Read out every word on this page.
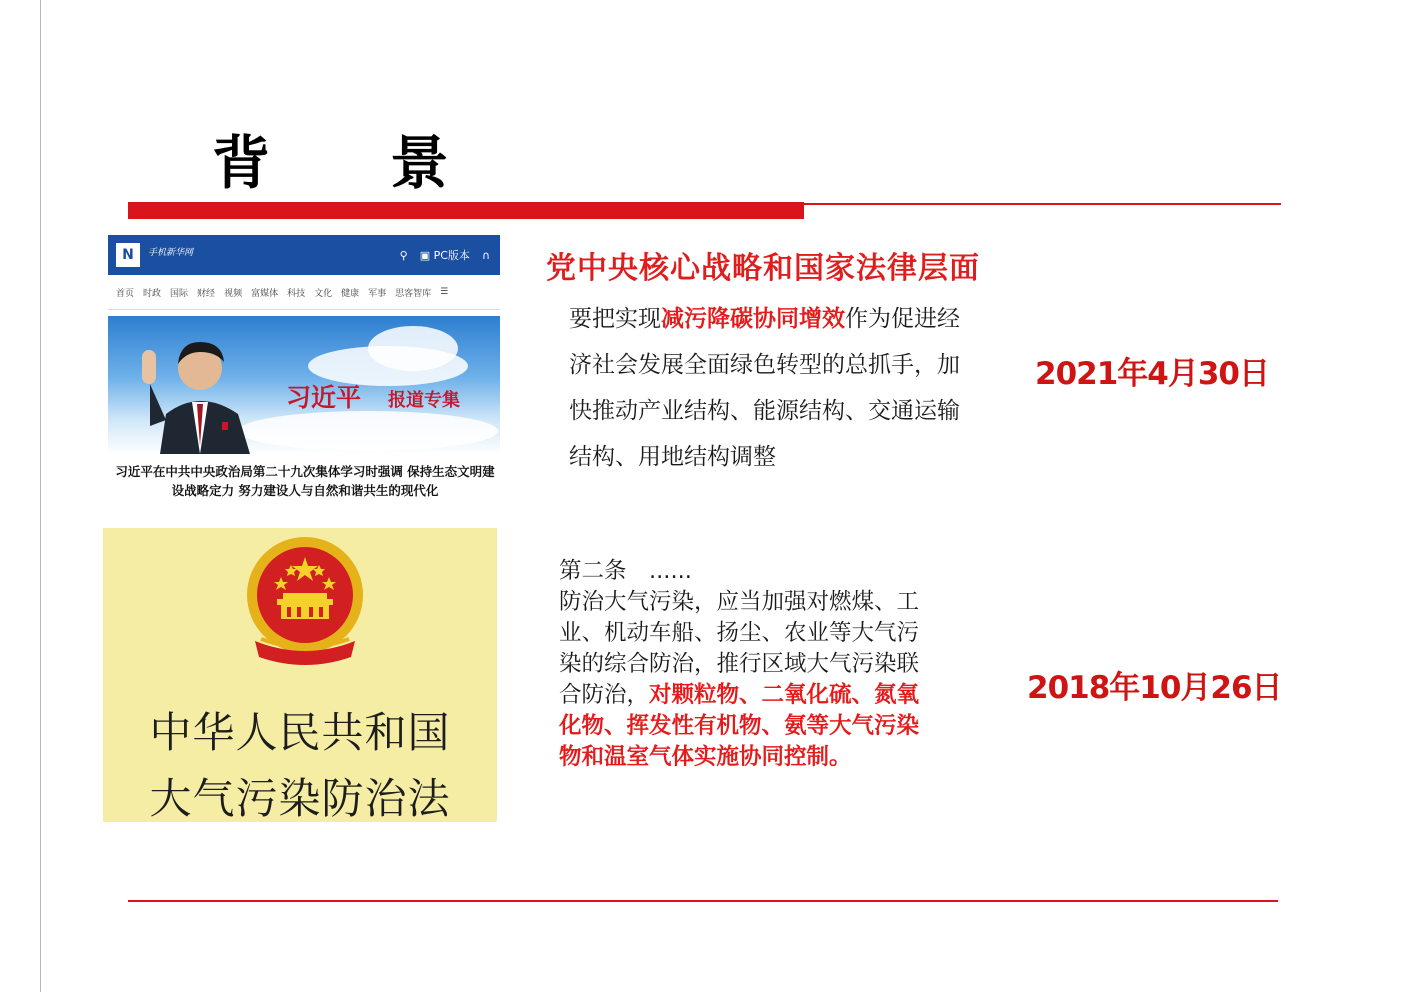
背 景
N	手机新华网	⚲ ▣ PC版本 ∩
首页 时政 国际 财经 视频 富媒体 科技 文化 健康 军事 思客智库 ☰
习近平 报道专集
习近平在中共中央政治局第二十九次集体学习时强调 保持生态文明建设战略定力 努力建设人与自然和谐共生的现代化
中华人民共和国
大气污染防治法
党中央核心战略和国家法律层面
要把实现减污降碳协同增效作为促进经济社会发展全面绿色转型的总抓手，加快推动产业结构、能源结构、交通运输结构、用地结构调整
2021年4月30日
第二条　......
防治大气污染，应当加强对燃煤、工业、机动车船、扬尘、农业等大气污染的综合防治，推行区域大气污染联合防治，对颗粒物、二氧化硫、氮氧化物、挥发性有机物、氨等大气污染物和温室气体实施协同控制。
2018年10月26日
